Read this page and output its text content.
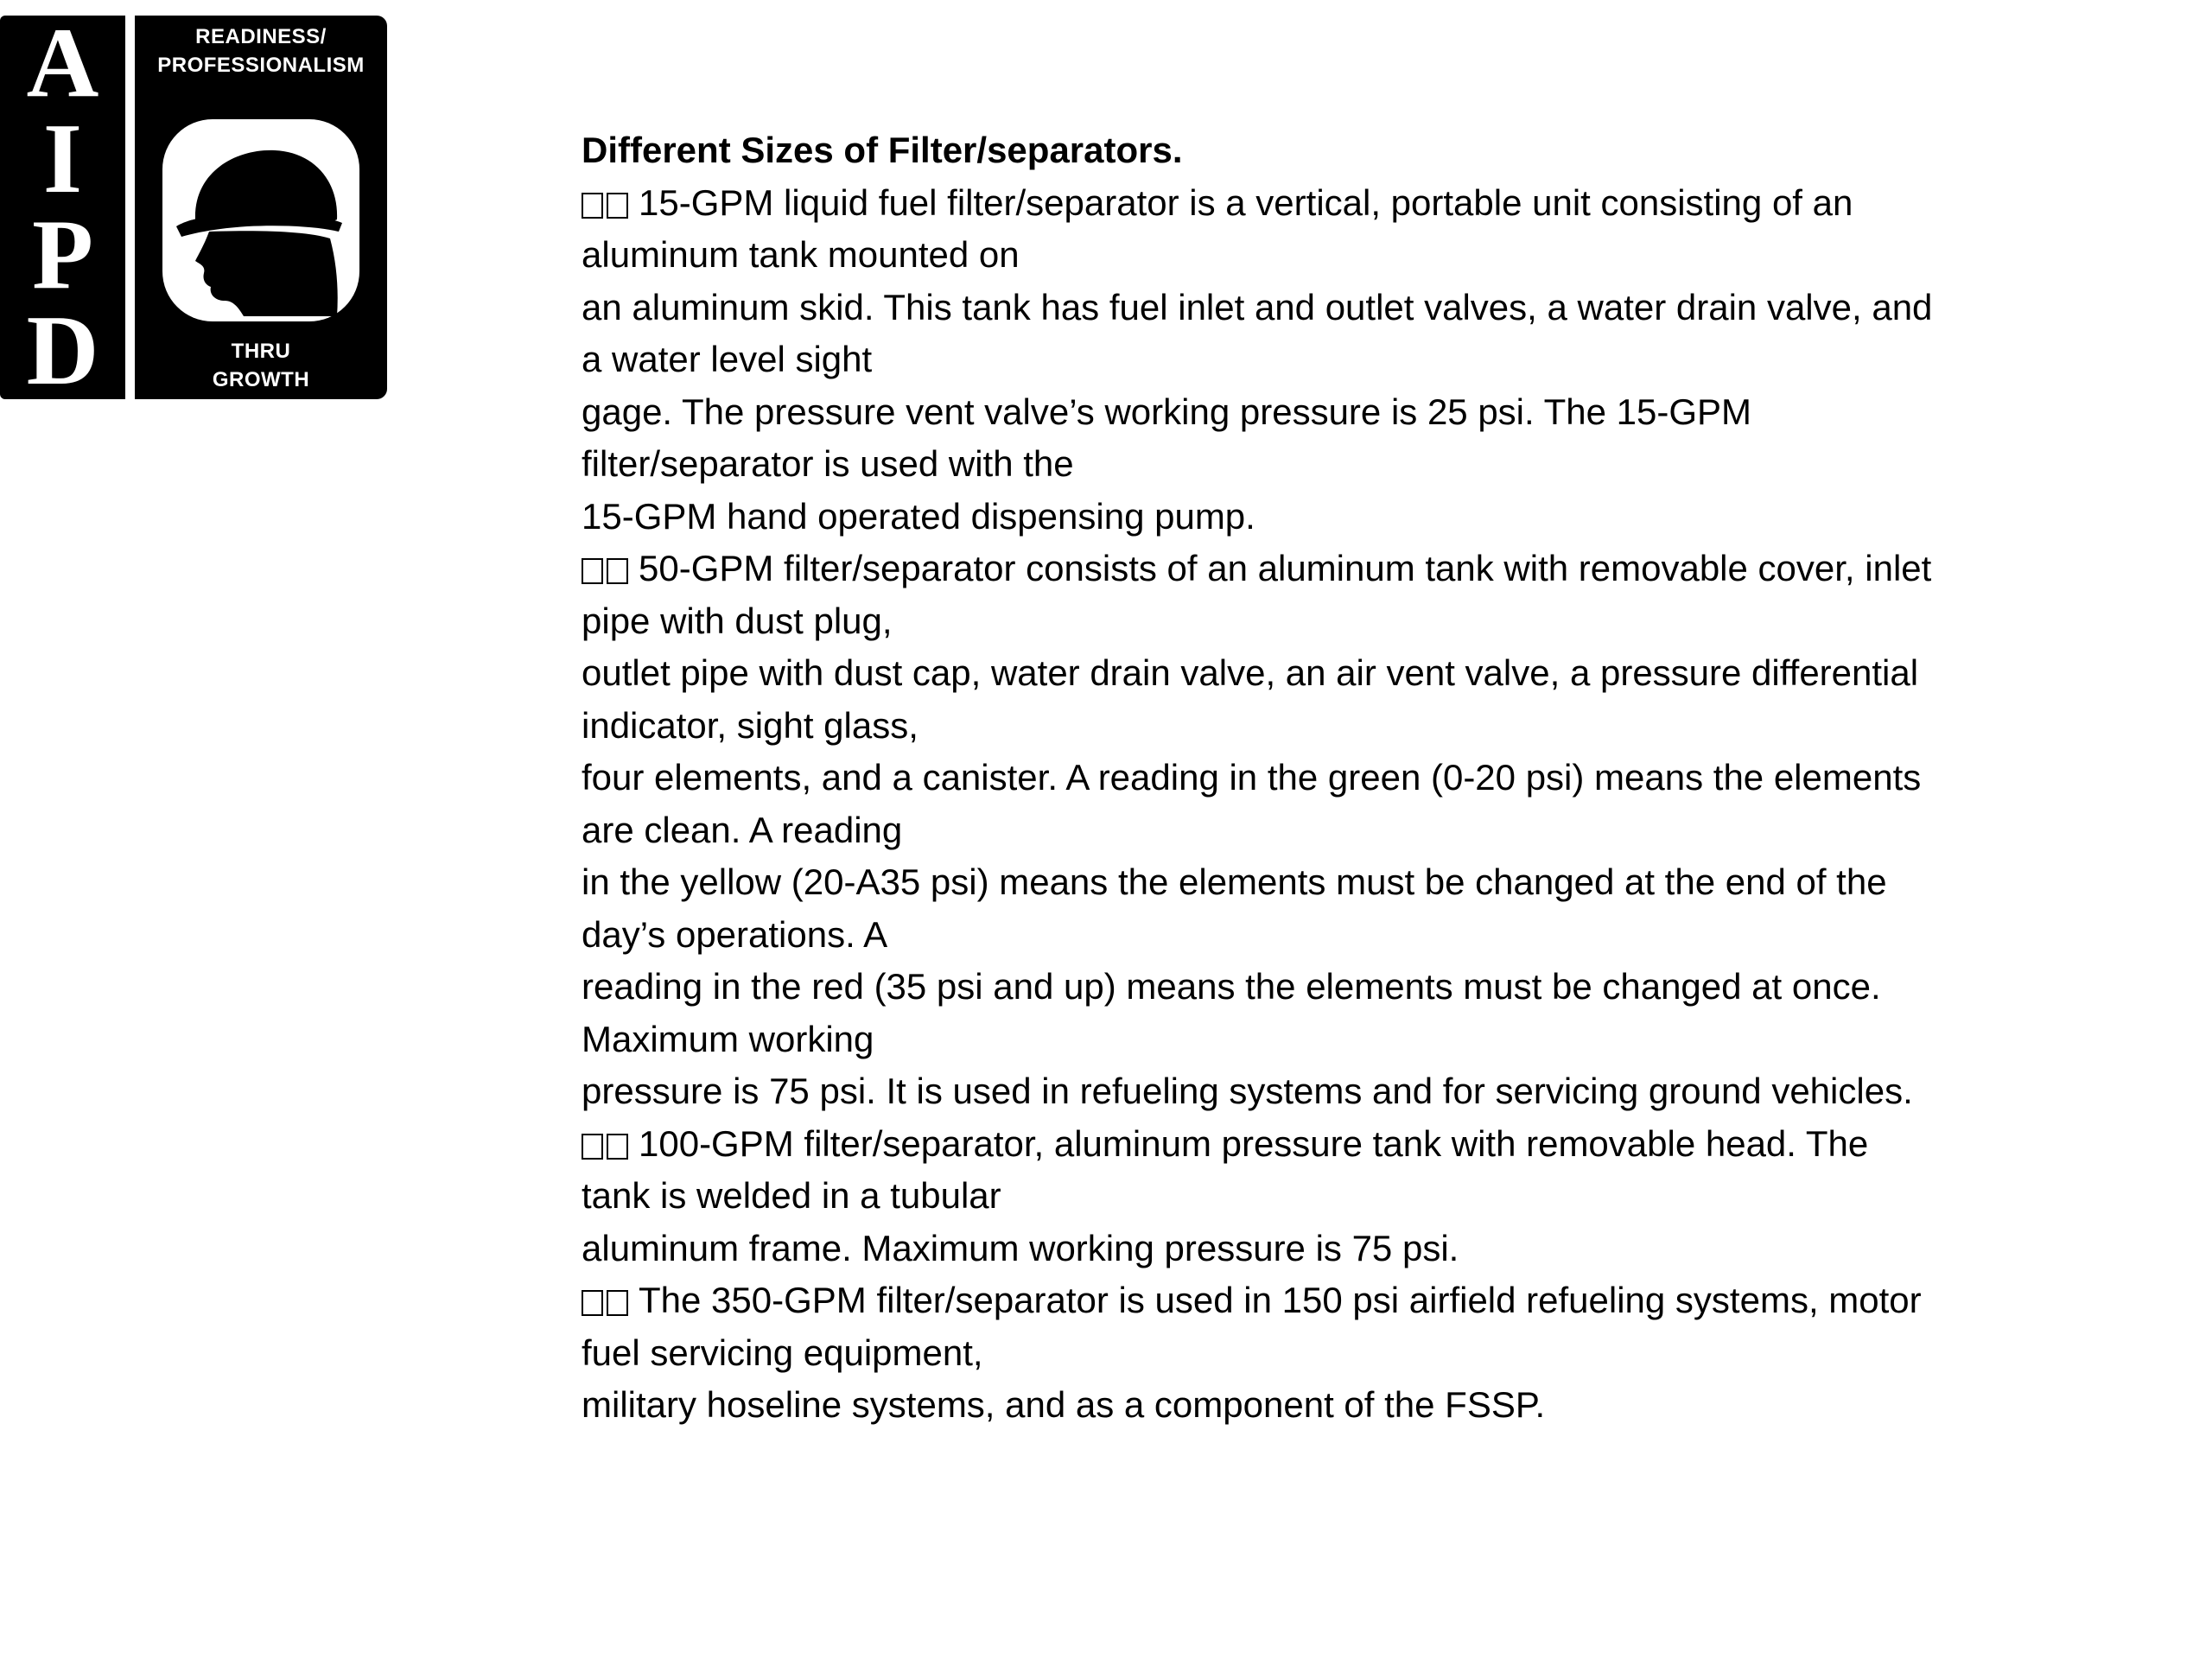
A
I
P
D
READINESS/
PROFESSIONALISM
THRU
GROWTH

Different Sizes of Filter/separators.

15-GPM liquid fuel filter/separator is a vertical, portable unit consisting of an

aluminum tank mounted on

an aluminum skid. This tank has fuel inlet and outlet valves, a water drain valve, and

a water level sight

gage. The pressure vent valve’s working pressure is 25 psi. The 15-GPM

filter/separator is used with the

15-GPM hand operated dispensing pump.

50-GPM filter/separator consists of an aluminum tank with removable cover, inlet

pipe with dust plug,

outlet pipe with dust cap, water drain valve, an air vent valve, a pressure differential

indicator, sight glass,

four elements, and a canister. A reading in the green (0-20 psi) means the elements

are clean. A reading

in the yellow (20-A35 psi) means the elements must be changed at the end of the

day’s operations. A

reading in the red (35 psi and up) means the elements must be changed at once.

Maximum working

pressure is 75 psi. It is used in refueling systems and for servicing ground vehicles.

100-GPM filter/separator, aluminum pressure tank with removable head. The

tank is welded in a tubular

aluminum frame. Maximum working pressure is 75 psi.

The 350-GPM filter/separator is used in 150 psi airfield refueling systems, motor

fuel servicing equipment,

military hoseline systems, and as a component of the FSSP.
